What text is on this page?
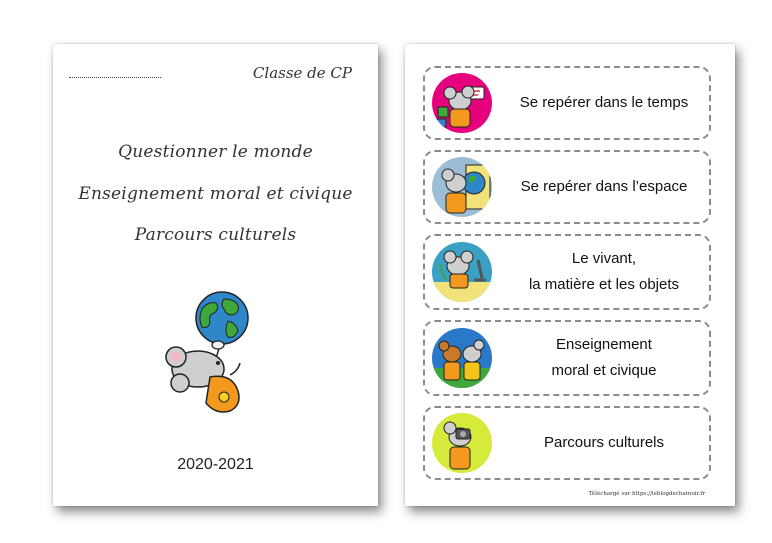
Classe de CP
Questionner le monde
Enseignement moral et civique
Parcours culturels
2020-2021
Se repérer dans le temps
Se repérer dans l’espace
Le vivant,
la matière et les objets
Enseignement
moral et civique
Parcours culturels
Téléchargé sur https://leblogdechatnoir.fr
